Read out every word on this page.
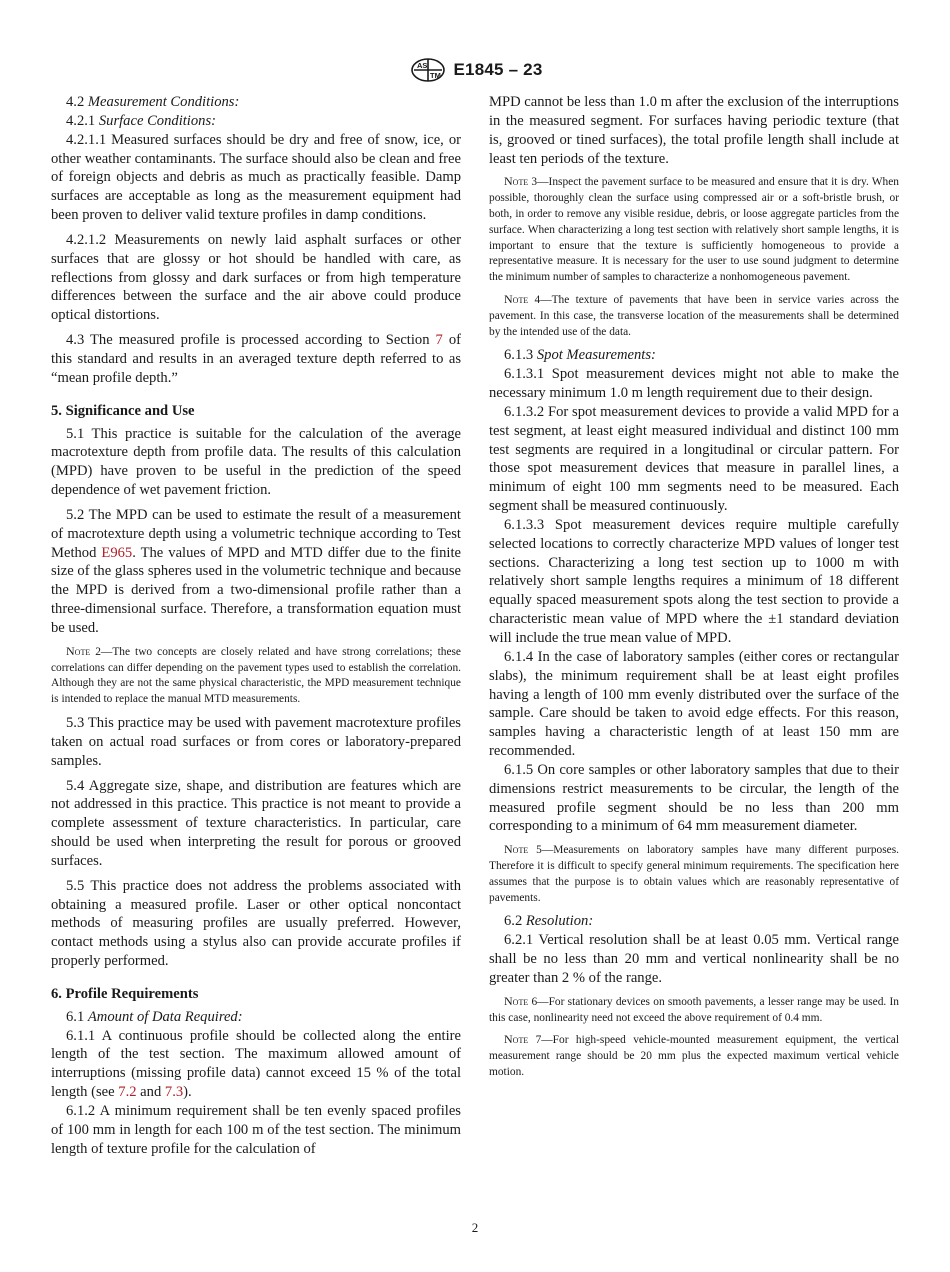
AS
TM E1845 – 23

4.2 Measurement Conditions:

4.2.1 Surface Conditions:

4.2.1.1 Measured surfaces should be dry and free of snow, ice, or other weather contaminants. The surface should also be clean and free of foreign objects and debris as much as practically feasible. Damp surfaces are acceptable as long as the measurement equipment had been proven to deliver valid texture profiles in damp conditions.

4.2.1.2 Measurements on newly laid asphalt surfaces or other surfaces that are glossy or hot should be handled with care, as reflections from glossy and dark surfaces or from high temperature differences between the surface and the air above could produce optical distortions.

4.3 The measured profile is processed according to Section 7 of this standard and results in an averaged texture depth referred to as “mean profile depth.”

5. Significance and Use

5.1 This practice is suitable for the calculation of the average macrotexture depth from profile data. The results of this calculation (MPD) have proven to be useful in the prediction of the speed dependence of wet pavement friction.

5.2 The MPD can be used to estimate the result of a measurement of macrotexture depth using a volumetric technique according to Test Method E965. The values of MPD and MTD differ due to the finite size of the glass spheres used in the volumetric technique and because the MPD is derived from a two-dimensional profile rather than a three-dimensional surface. Therefore, a transformation equation must be used.

Note 2—The two concepts are closely related and have strong correlations; these correlations can differ depending on the pavement types used to establish the correlation. Although they are not the same physical characteristic, the MPD measurement technique is intended to replace the manual MTD measurements.

5.3 This practice may be used with pavement macrotexture profiles taken on actual road surfaces or from cores or laboratory-prepared samples.

5.4 Aggregate size, shape, and distribution are features which are not addressed in this practice. This practice is not meant to provide a complete assessment of texture characteristics. In particular, care should be used when interpreting the result for porous or grooved surfaces.

5.5 This practice does not address the problems associated with obtaining a measured profile. Laser or other optical noncontact methods of measuring profiles are usually preferred. However, contact methods using a stylus also can provide accurate profiles if properly performed.

6. Profile Requirements

6.1 Amount of Data Required:

6.1.1 A continuous profile should be collected along the entire length of the test section. The maximum allowed amount of interruptions (missing profile data) cannot exceed 15 % of the total length (see 7.2 and 7.3).

6.1.2 A minimum requirement shall be ten evenly spaced profiles of 100 mm in length for each 100 m of the test section. The minimum length of texture profile for the calculation of

MPD cannot be less than 1.0 m after the exclusion of the interruptions in the measured segment. For surfaces having periodic texture (that is, grooved or tined surfaces), the total profile length shall include at least ten periods of the texture.

Note 3—Inspect the pavement surface to be measured and ensure that it is dry. When possible, thoroughly clean the surface using compressed air or a soft-bristle brush, or both, in order to remove any visible residue, debris, or loose aggregate particles from the surface. When characterizing a long test section with relatively short sample lengths, it is important to ensure that the texture is sufficiently homogeneous to provide a representative measure. It is necessary for the user to use sound judgment to determine the minimum number of samples to characterize a nonhomogeneous pavement.

Note 4—The texture of pavements that have been in service varies across the pavement. In this case, the transverse location of the measurements shall be determined by the intended use of the data.

6.1.3 Spot Measurements:

6.1.3.1 Spot measurement devices might not able to make the necessary minimum 1.0 m length requirement due to their design.

6.1.3.2 For spot measurement devices to provide a valid MPD for a test segment, at least eight measured individual and distinct 100 mm test segments are required in a longitudinal or circular pattern. For those spot measurement devices that measure in parallel lines, a minimum of eight 100 mm segments need to be measured. Each segment shall be measured continuously.

6.1.3.3 Spot measurement devices require multiple carefully selected locations to correctly characterize MPD values of longer test sections. Characterizing a long test section up to 1000 m with relatively short sample lengths requires a minimum of 18 different equally spaced measurement spots along the test section to provide a characteristic mean value of MPD where the ±1 standard deviation will include the true mean value of MPD.

6.1.4 In the case of laboratory samples (either cores or rectangular slabs), the minimum requirement shall be at least eight profiles having a length of 100 mm evenly distributed over the surface of the sample. Care should be taken to avoid edge effects. For this reason, samples having a characteristic length of at least 150 mm are recommended.

6.1.5 On core samples or other laboratory samples that due to their dimensions restrict measurements to be circular, the length of the measured profile segment should be no less than 200 mm corresponding to a minimum of 64 mm measurement diameter.

Note 5—Measurements on laboratory samples have many different purposes. Therefore it is difficult to specify general minimum requirements. The specification here assumes that the purpose is to obtain values which are reasonably representative of pavements.

6.2 Resolution:

6.2.1 Vertical resolution shall be at least 0.05 mm. Vertical range shall be no less than 20 mm and vertical nonlinearity shall be no greater than 2 % of the range.

Note 6—For stationary devices on smooth pavements, a lesser range may be used. In this case, nonlinearity need not exceed the above requirement of 0.4 mm.

Note 7—For high-speed vehicle-mounted measurement equipment, the vertical measurement range should be 20 mm plus the expected maximum vertical vehicle motion.

2
